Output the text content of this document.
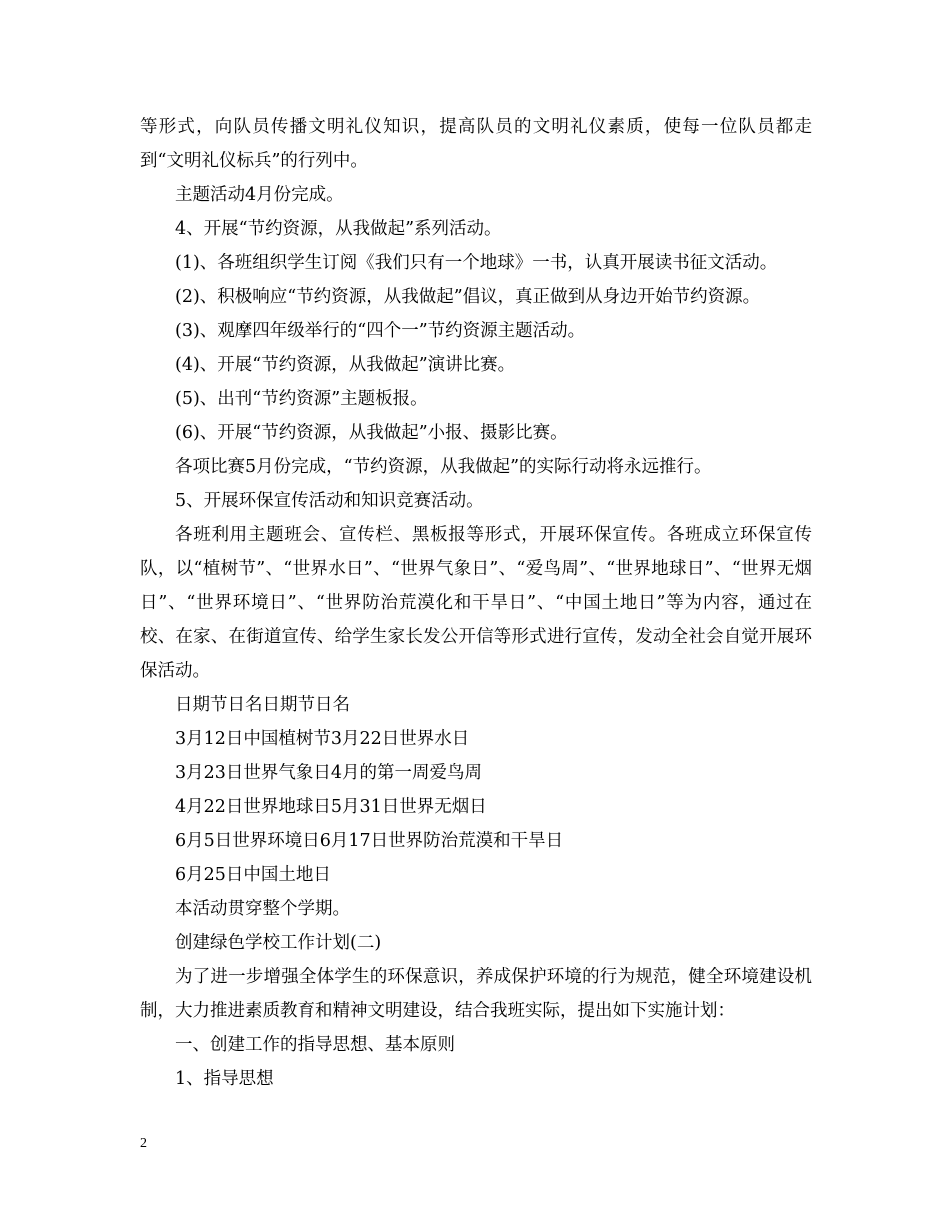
等形式，向队员传播文明礼仪知识，提高队员的文明礼仪素质，使每一位队员都走到“文明礼仪标兵”的行列中。

主题活动4月份完成。

4、开展“节约资源，从我做起”系列活动。

(1)、各班组织学生订阅《我们只有一个地球》一书，认真开展读书征文活动。

(2)、积极响应“节约资源，从我做起”倡议，真正做到从身边开始节约资源。

(3)、观摩四年级举行的“四个一”节约资源主题活动。

(4)、开展“节约资源，从我做起”演讲比赛。

(5)、出刊“节约资源”主题板报。

(6)、开展“节约资源，从我做起”小报、摄影比赛。

各项比赛5月份完成，“节约资源，从我做起”的实际行动将永远推行。

5、开展环保宣传活动和知识竞赛活动。

各班利用主题班会、宣传栏、黑板报等形式，开展环保宣传。各班成立环保宣传队，以“植树节”、“世界水日”、“世界气象日”、“爱鸟周”、“世界地球日”、“世界无烟日”、“世界环境日”、“世界防治荒漠化和干旱日”、“中国土地日”等为内容，通过在校、在家、在街道宣传、给学生家长发公开信等形式进行宣传，发动全社会自觉开展环保活动。

日期节日名日期节日名

3月12日中国植树节3月22日世界水日

3月23日世界气象日4月的第一周爱鸟周

4月22日世界地球日5月31日世界无烟日

6月5日世界环境日6月17日世界防治荒漠和干旱日

6月25日中国土地日

本活动贯穿整个学期。

创建绿色学校工作计划(二)

为了进一步增强全体学生的环保意识，养成保护环境的行为规范，健全环境建设机制，大力推进素质教育和精神文明建设，结合我班实际，提出如下实施计划：

一、创建工作的指导思想、基本原则

1、指导思想

2
